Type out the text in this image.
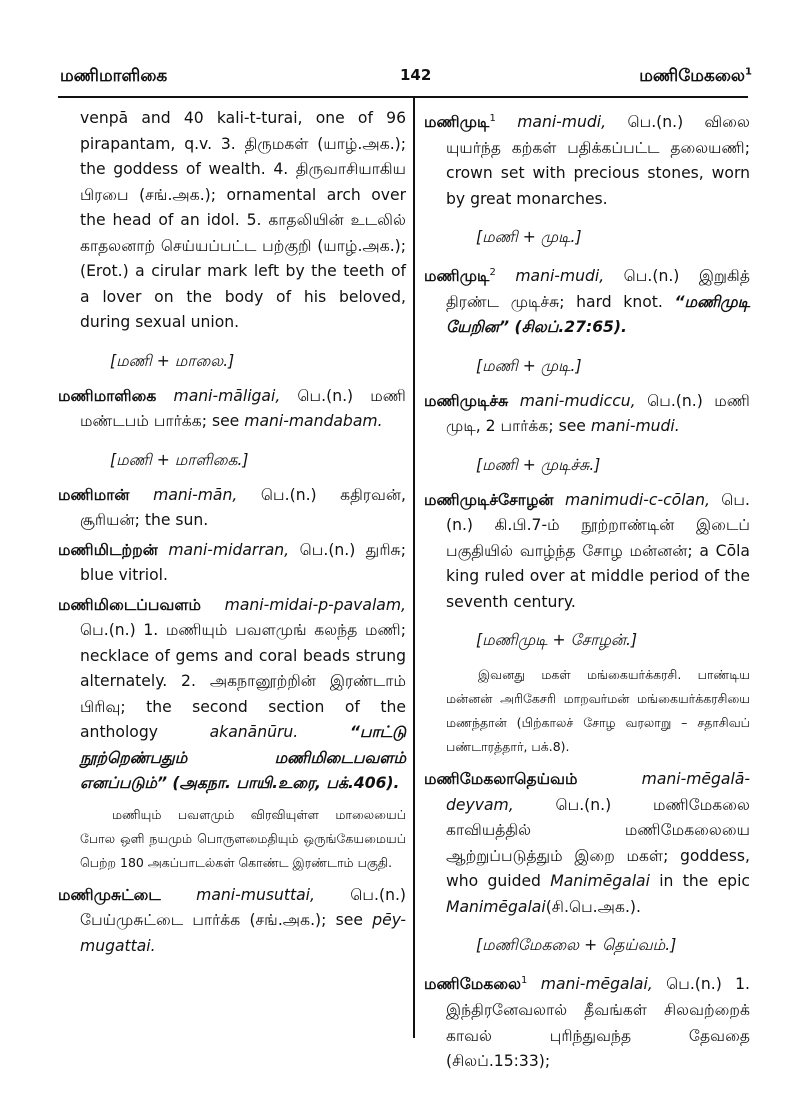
மணிமாளிகை	142	மணிமேகலை$^1$

venpā and 40 kali-t-turai, one of 96 pirapantam, q.v. 3. திருமகள் (யாழ்.அக.); the goddess of wealth. 4. திருவாசியாகிய பிரபை (சங்.அக.); ornamental arch over the head of an idol. 5. காதலியின் உடலில் காதலனாற் செய்யப்பட்ட பற்குறி (யாழ்.அக.); (Erot.) a cirular mark left by the teeth of a lover on the body of his beloved, during sexual union.

[மணி + மாலை.]

மணிமாளிகை mani-māligai, பெ.(n.) மணி மண்டபம் பார்க்க; see mani-mandabam.

[மணி + மாளிகை.]

மணிமான் mani-mān, பெ.(n.) கதிரவன், சூரியன்; the sun.

மணிமிடற்றன் mani-midarran, பெ.(n.) துரிசு; blue vitriol.

மணிமிடைப்பவளம் mani-midai-p-pavalam, பெ.(n.) 1. மணியும் பவளமுங் கலந்த மணி; necklace of gems and coral beads strung alternately. 2. அகநானூற்றின் இரண்டாம் பிரிவு; the second section of the anthology	akanānūru.	“பாட்டு நூற்றெண்பதும் மணிமிடைபவளம் எனப்படும்” (அகநா. பாயி.உரை, பக்.406).

மணியும் பவளமும் விரவியுள்ள மாலையைப் போல ஒளி நயமும் பொருளமைதியும் ஒருங்கேயமையப் பெற்ற 180 அகப்பாடல்கள் கொண்ட இரண்டாம் பகுதி.

மணிமுசுட்டை mani-musuttai, பெ.(n.) பேய்முசுட்டை பார்க்க (சங்.அக.); see pēy-mugattai.

மணிமுடி$^1$ mani-mudi, பெ.(n.) விலை யுயர்ந்த கற்கள் பதிக்கப்பட்ட தலையணி; crown set with precious stones, worn by great monarches.

[மணி + முடி.]

மணிமுடி$^2$ mani-mudi, பெ.(n.) இறுகித் திரண்ட முடிச்சு; hard knot. “மணிமுடி யேறின” (சிலப்.27:65).

[மணி + முடி.]

மணிமுடிச்சு mani-mudiccu, பெ.(n.) மணி முடி, 2 பார்க்க; see mani-mudi.

[மணி + முடிச்சு.]

மணிமுடிச்சோழன் manimudi-c-cōlan, பெ.(n.) கி.பி.7-ம் நூற்றாண்டின் இடைப் பகுதியில் வாழ்ந்த சோழ மன்னன்; a Cōla king ruled over at middle period of the seventh century.

[மணிமுடி + சோழன்.]

இவனது மகள் மங்கையர்க்கரசி. பாண்டிய மன்னன் அரிகேசரி மாறவர்மன் மங்கையர்க்கரசியை மணந்தான் (பிற்காலச் சோழ வரலாறு – சதாசிவப் பண்டாரத்தார், பக்.8).

மணிமேகலாதெய்வம்	mani-mēgalā-deyvam,	பெ.(n.) மணிமேகலை காவியத்தில் மணிமேகலையை ஆற்றுப்படுத்தும் இறை மகள்; goddess, who guided Manimēgalai in the epic Manimēgalai(சி.பெ.அக.).

[மணிமேகலை + தெய்வம்.]

மணிமேகலை$^1$ mani-mēgalai, பெ.(n.) 1. இந்திரனேவலால் தீவங்கள் சிலவற்றைக் காவல் புரிந்துவந்த தேவதை (சிலப்.15:33);
